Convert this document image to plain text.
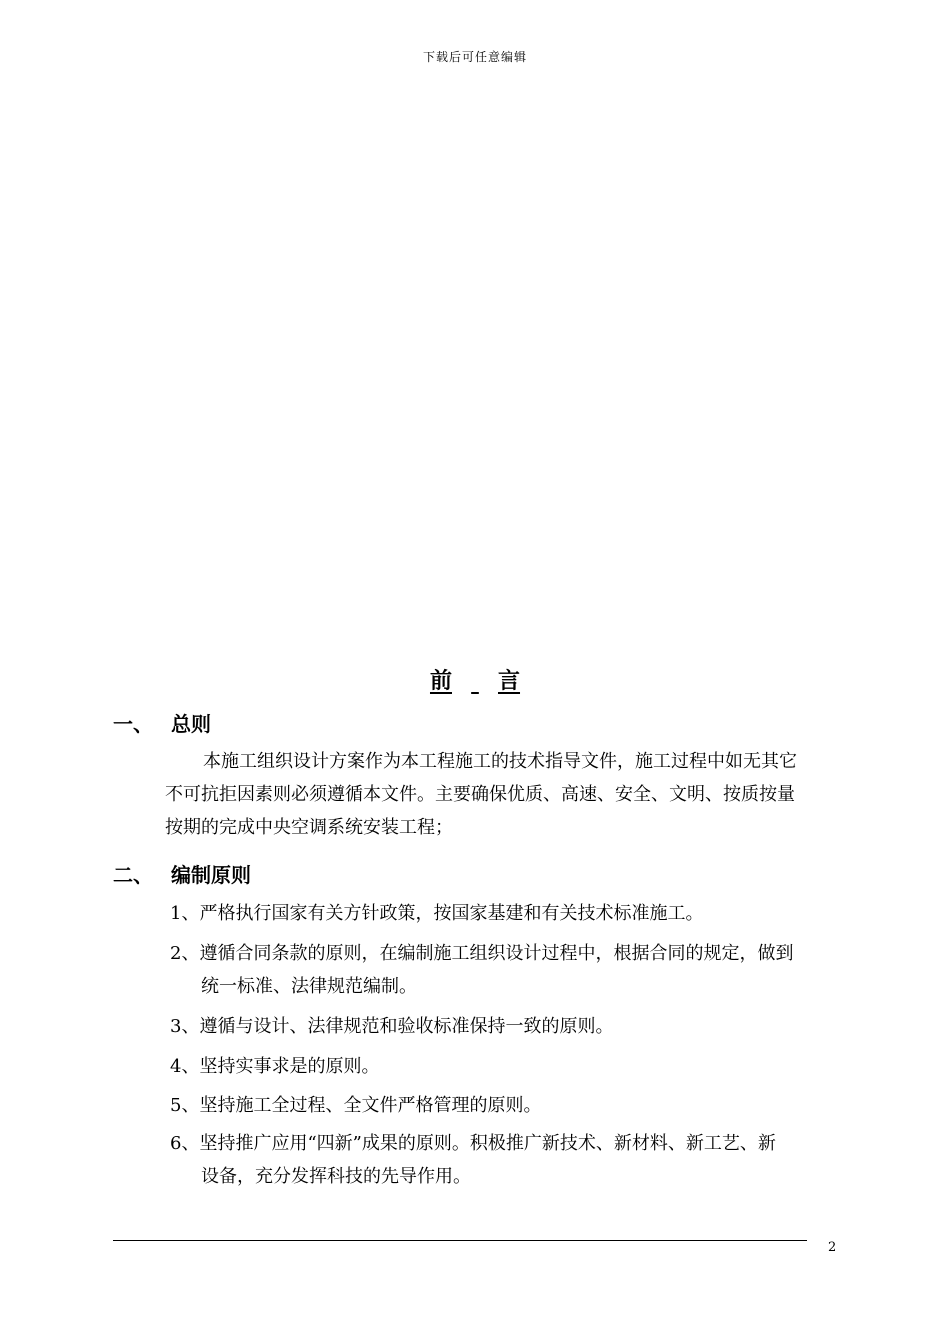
下载后可任意编辑
前 言
一、 总则
本施工组织设计方案作为本工程施工的技术指导文件，施工过程中如无其它
不可抗拒因素则必须遵循本文件。主要确保优质、高速、安全、文明、按质按量
按期的完成中央空调系统安装工程；
二、 编制原则
1、严格执行国家有关方针政策，按国家基建和有关技术标准施工。
2、遵循合同条款的原则，在编制施工组织设计过程中，根据合同的规定，做到
统一标准、法律规范编制。
3、遵循与设计、法律规范和验收标准保持一致的原则。
4、坚持实事求是的原则。
5、坚持施工全过程、全文件严格管理的原则。
6、坚持推广应用“四新”成果的原则。积极推广新技术、新材料、新工艺、新
设备，充分发挥科技的先导作用。
2
